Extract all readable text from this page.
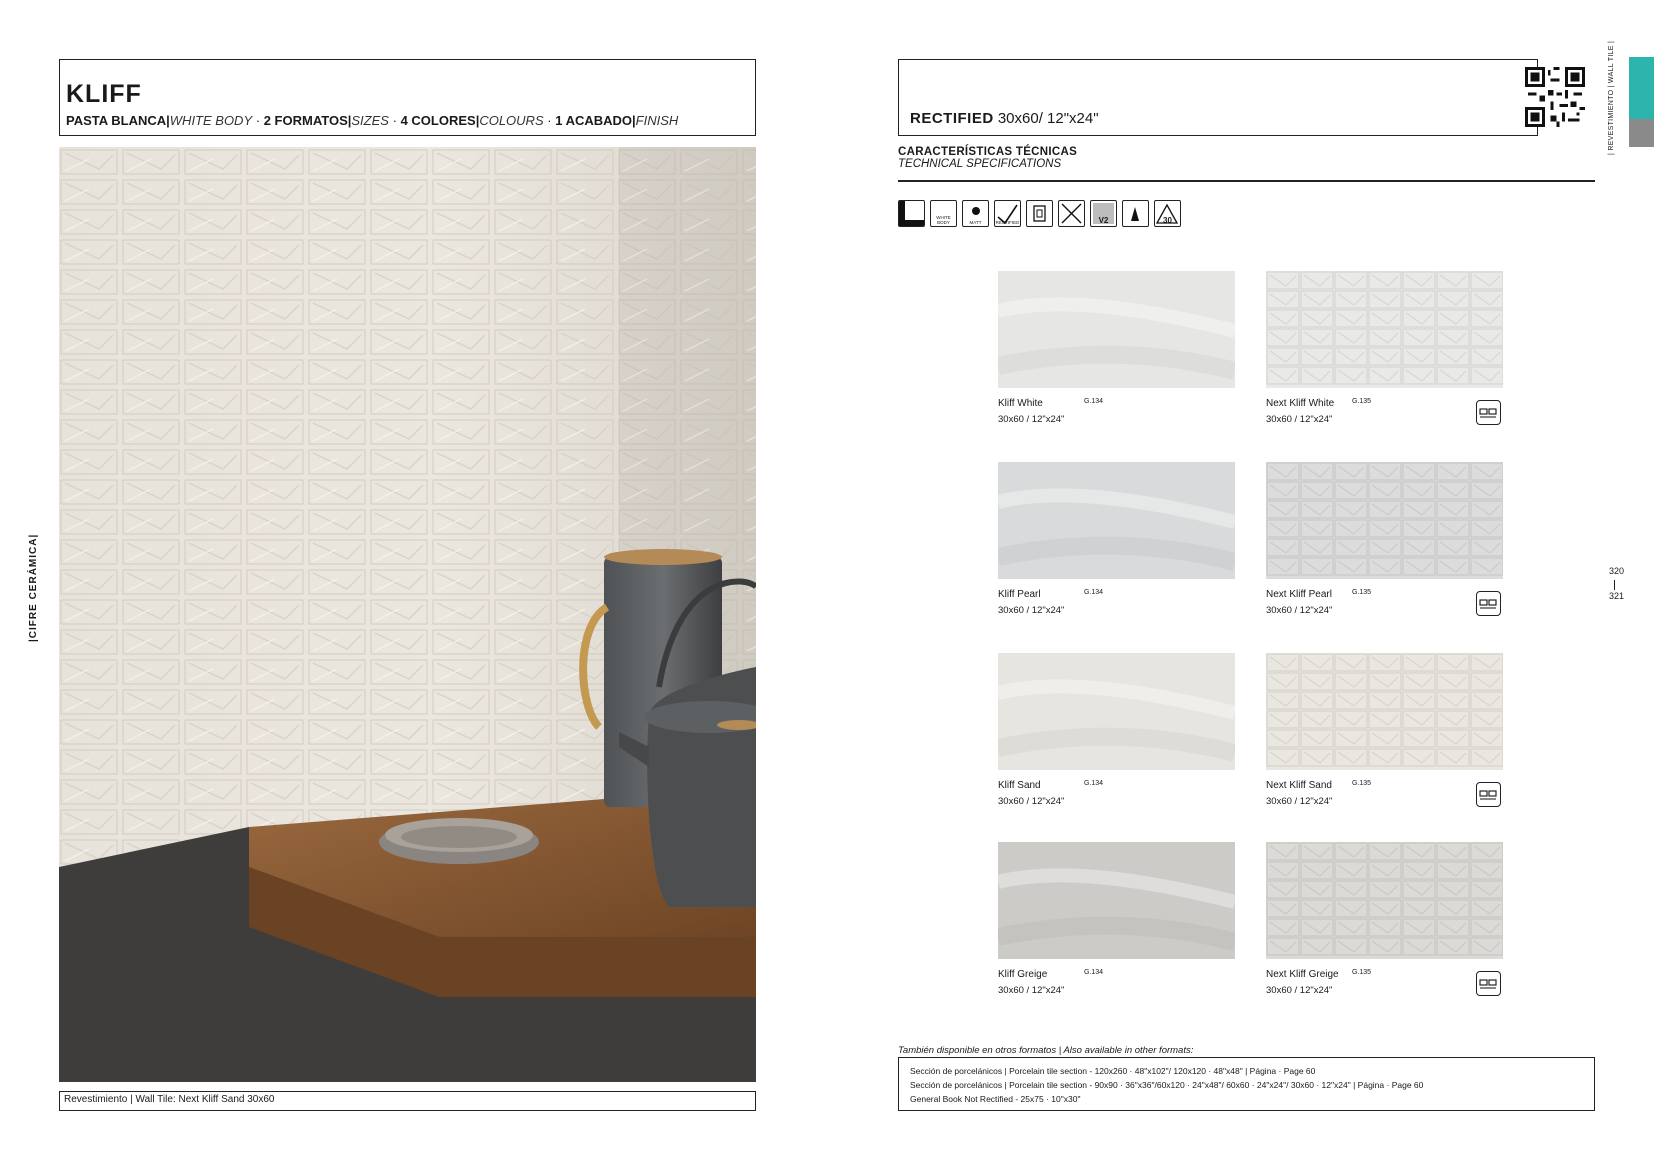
KLIFF
PASTA BLANCA|WHITE BODY · 2 FORMATOS|SIZES · 4 COLORES|COLOURS · 1 ACABADO|FINISH
Revestimiento | Wall Tile: Next Kliff Sand 30x60
|CIFRE CERÁMICA|
RECTIFIED 30x60/ 12"x24"	| REVESTIMIENTO | WALL TILE |
CARACTERÍSTICAS TÉCNICAS
TECHNICAL SPECIFICATIONS
WALL
WHITE BODY	MATT	RECTIFIED	V2	30
320
321
Kliff White
30x60 / 12"x24"
G.134	Next Kliff White
30x60 / 12"x24"
G.135
Kliff Pearl
30x60 / 12"x24"
G.134	Next Kliff Pearl
30x60 / 12"x24"
G.135
Kliff Sand
30x60 / 12"x24"
G.134	Next Kliff Sand
30x60 / 12"x24"
G.135
Kliff Greige
30x60 / 12"x24"
G.134	Next Kliff Greige
30x60 / 12"x24"
G.135
También disponible en otros formatos | Also available in other formats:
Sección de porcelánicos | Porcelain tile section - 120x260 · 48"x102"/ 120x120 · 48"x48" | Página · Page 60
Sección de porcelánicos | Porcelain tile section - 90x90 · 36"x36"/60x120 · 24"x48"/ 60x60 · 24"x24"/ 30x60 · 12"x24" | Página · Page 60
General Book Not Rectified - 25x75 · 10"x30"
